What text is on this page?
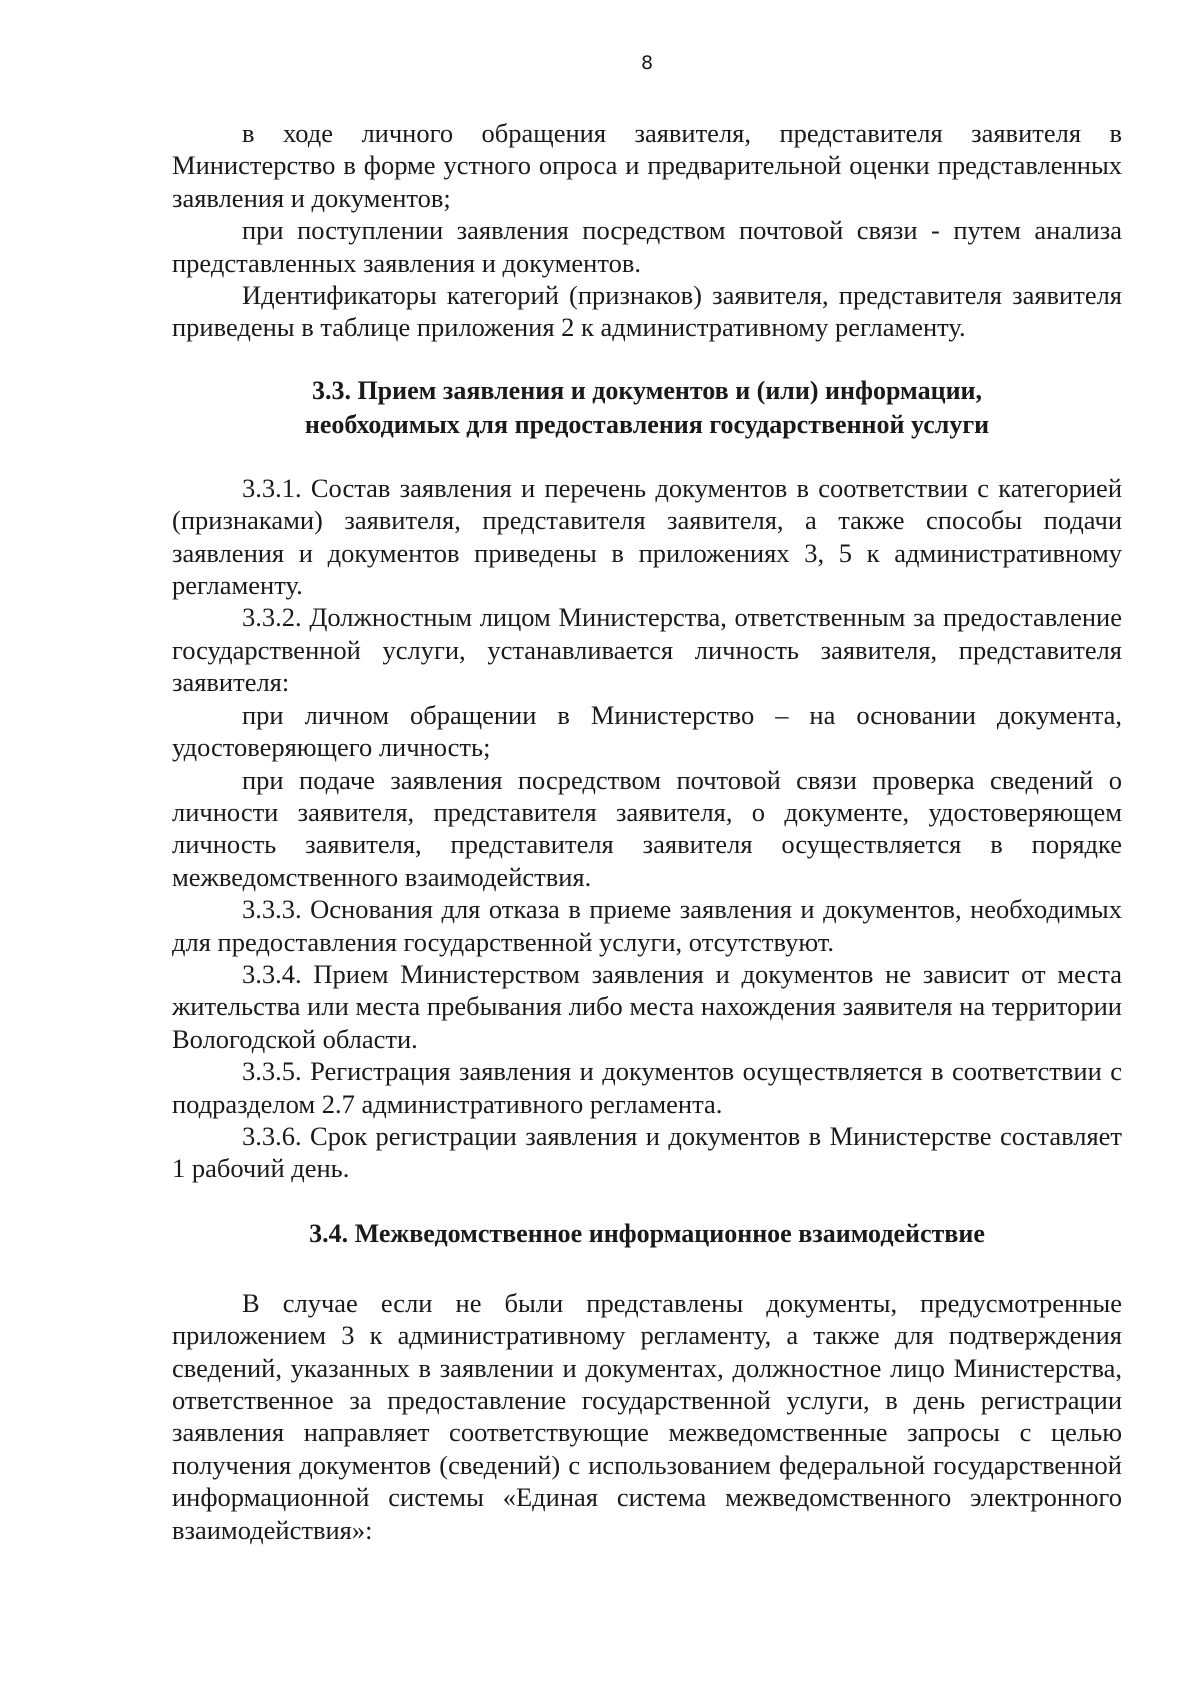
8

в ходе личного обращения заявителя, представителя заявителя в Министерство в форме устного опроса и предварительной оценки представленных заявления и документов;

при поступлении заявления посредством почтовой связи - путем анализа представленных заявления и документов.

Идентификаторы категорий (признаков) заявителя, представителя заявителя приведены в таблице приложения 2 к административному регламенту.

3.3. Прием заявления и документов и (или) информации,
необходимых для предоставления государственной услуги

3.3.1. Состав заявления и перечень документов в соответствии с категорией (признаками) заявителя, представителя заявителя, а также способы подачи заявления и документов приведены в приложениях 3, 5 к административному регламенту.

3.3.2. Должностным лицом Министерства, ответственным за предоставление государственной услуги, устанавливается личность заявителя, представителя заявителя:

при личном обращении в Министерство – на основании документа, удостоверяющего личность;

при подаче заявления посредством почтовой связи проверка сведений о личности заявителя, представителя заявителя, о документе, удостоверяющем личность заявителя, представителя заявителя осуществляется в порядке межведомственного взаимодействия.

3.3.3. Основания для отказа в приеме заявления и документов, необходимых для предоставления государственной услуги, отсутствуют.

3.3.4. Прием Министерством заявления и документов не зависит от места жительства или места пребывания либо места нахождения заявителя на территории Вологодской области.

3.3.5. Регистрация заявления и документов осуществляется в соответствии с подразделом 2.7 административного регламента.

3.3.6. Срок регистрации заявления и документов в Министерстве составляет 1 рабочий день.

3.4. Межведомственное информационное взаимодействие

В случае если не были представлены документы, предусмотренные приложением 3 к административному регламенту, а также для подтверждения сведений, указанных в заявлении и документах, должностное лицо Министерства, ответственное за предоставление государственной услуги, в день регистрации заявления направляет соответствующие межведомственные запросы с целью получения документов (сведений) с использованием федеральной государственной информационной системы «Единая система межведомственного электронного взаимодействия»:
